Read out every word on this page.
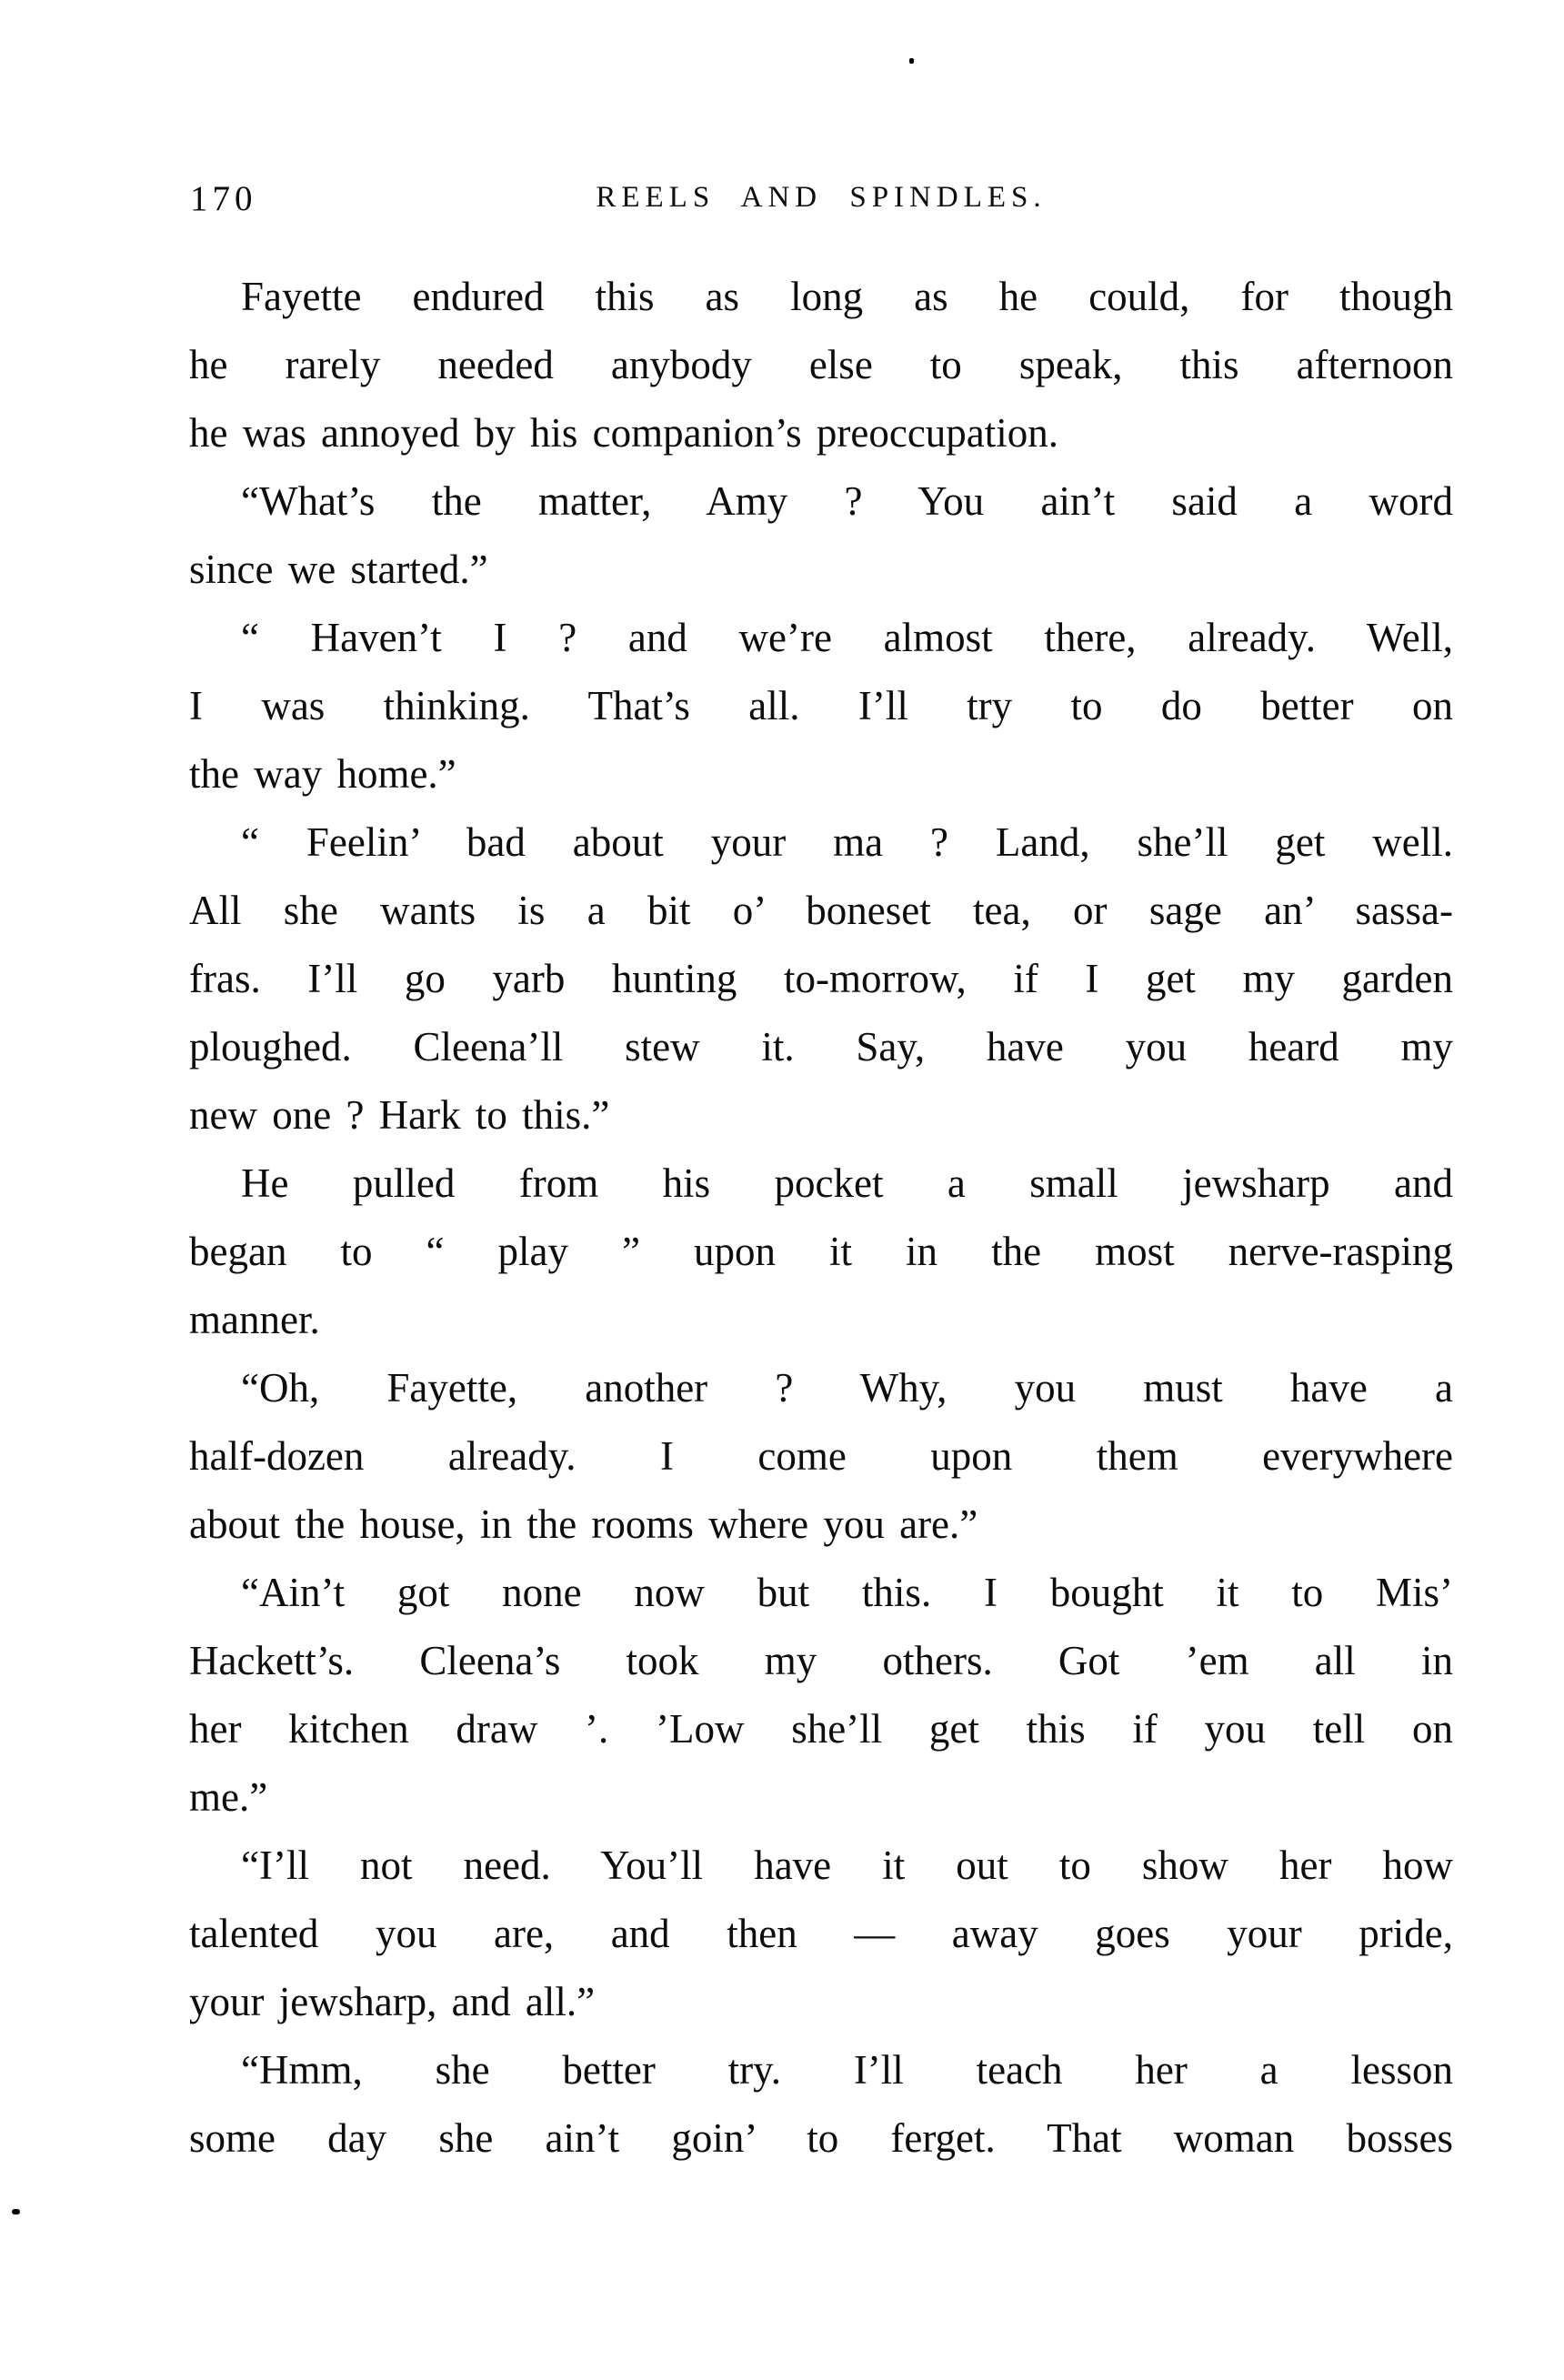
170	REELS AND SPINDLES.
Fayette endured this as long as he could, for though
he rarely needed anybody else to speak, this afternoon
he was annoyed by his companion’s preoccupation.
“What’s the matter, Amy ? You ain’t said a word
since we started.”
“ Haven’t I ? and we’re almost there, already. Well,
I was thinking. That’s all. I’ll try to do better on
the way home.”
“ Feelin’ bad about your ma ? Land, she’ll get well.
All she wants is a bit o’ boneset tea, or sage an’ sassa-
fras. I’ll go yarb hunting to-morrow, if I get my garden
ploughed. Cleena’ll stew it. Say, have you heard my
new one ? Hark to this.”
He pulled from his pocket a small jewsharp and
began to “ play ” upon it in the most nerve-rasping
manner.
“Oh, Fayette, another ? Why, you must have a
half-dozen already. I come upon them everywhere
about the house, in the rooms where you are.”
“Ain’t got none now but this. I bought it to Mis’
Hackett’s. Cleena’s took my others. Got ’em all in
her kitchen draw ’. ’Low she’ll get this if you tell on
me.”
“I’ll not need. You’ll have it out to show her how
talented you are, and then — away goes your pride,
your jewsharp, and all.”
“Hmm, she better try. I’ll teach her a lesson
some day she ain’t goin’ to ferget. That woman bosses
